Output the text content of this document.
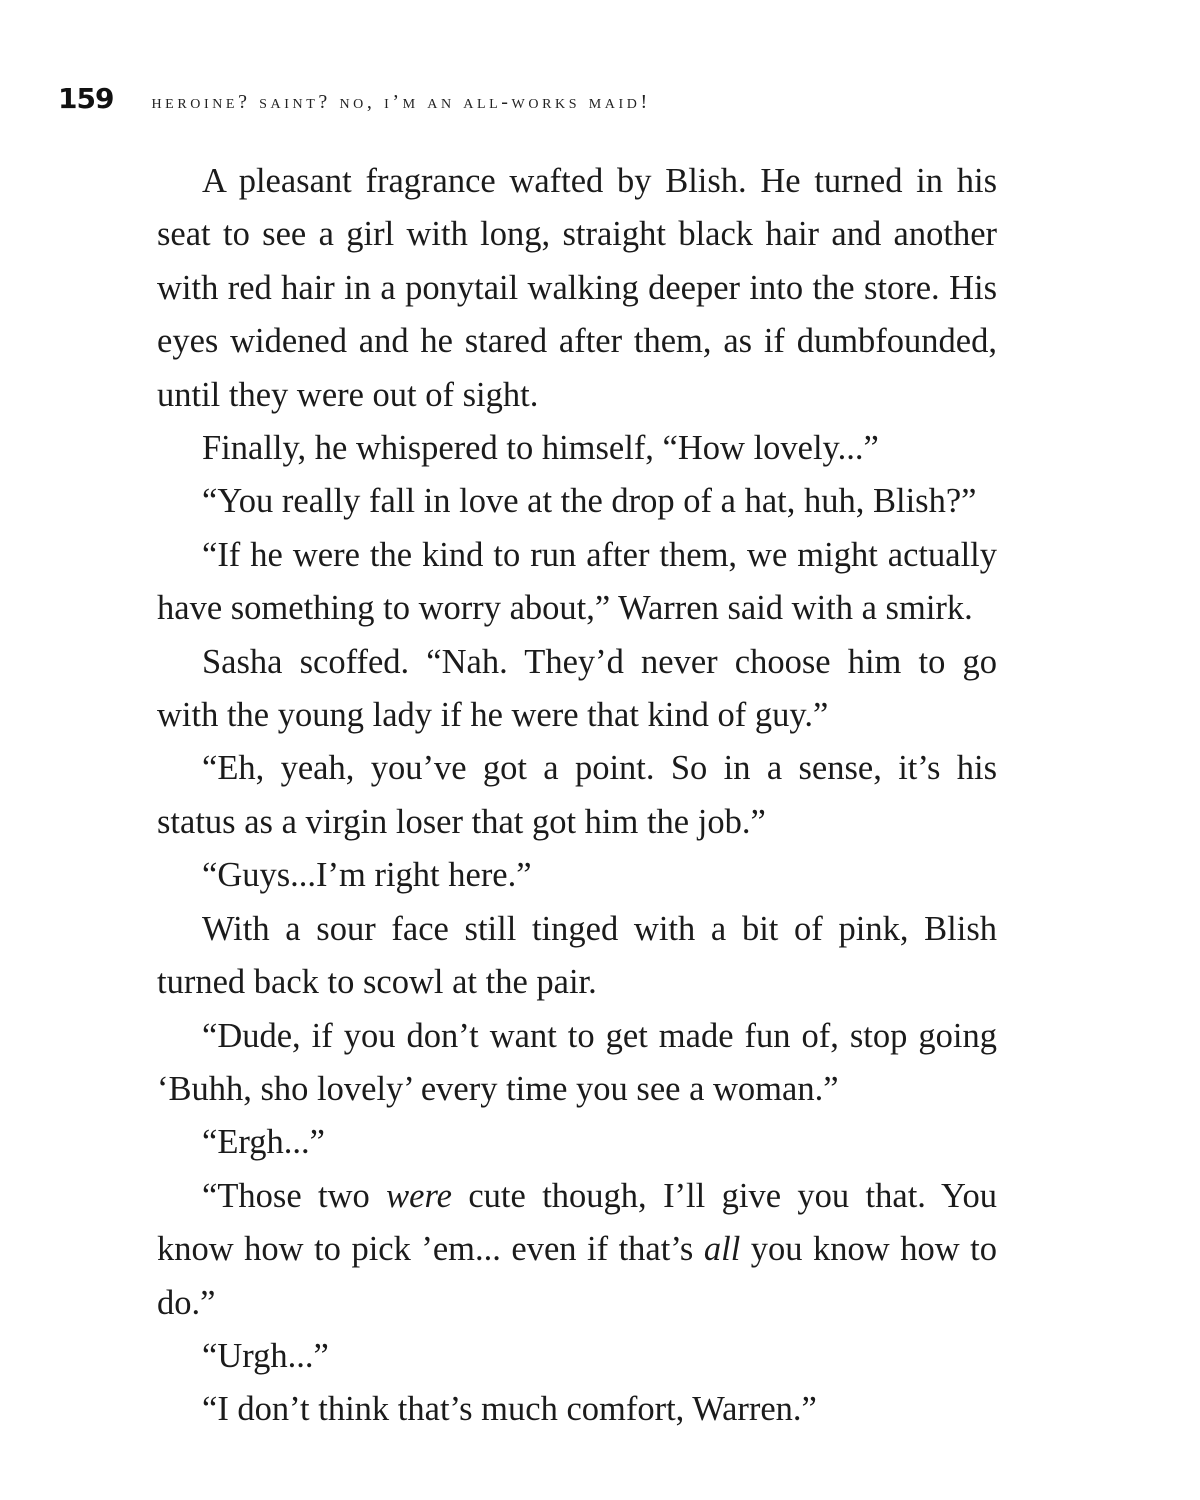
159 heroine? saint? no, i’m an all-works maid!

A pleasant fragrance wafted by Blish. He turned in his seat to see a girl with long, straight black hair and another with red hair in a ponytail walking deeper into the store. His eyes widened and he stared after them, as if dumbfounded, until they were out of sight.

Finally, he whispered to himself, “How lovely...”

“You really fall in love at the drop of a hat, huh, Blish?”

“If he were the kind to run after them, we might actually have something to worry about,” Warren said with a smirk.

Sasha scoffed. “Nah. They’d never choose him to go with the young lady if he were that kind of guy.”

“Eh, yeah, you’ve got a point. So in a sense, it’s his status as a virgin loser that got him the job.”

“Guys...I’m right here.”

With a sour face still tinged with a bit of pink, Blish turned back to scowl at the pair.

“Dude, if you don’t want to get made fun of, stop going ‘Buhh, sho lovely’ every time you see a woman.”

“Ergh...”

“Those two were cute though, I’ll give you that. You know how to pick ’em... even if that’s all you know how to do.”

“Urgh...”

“I don’t think that’s much comfort, Warren.”
